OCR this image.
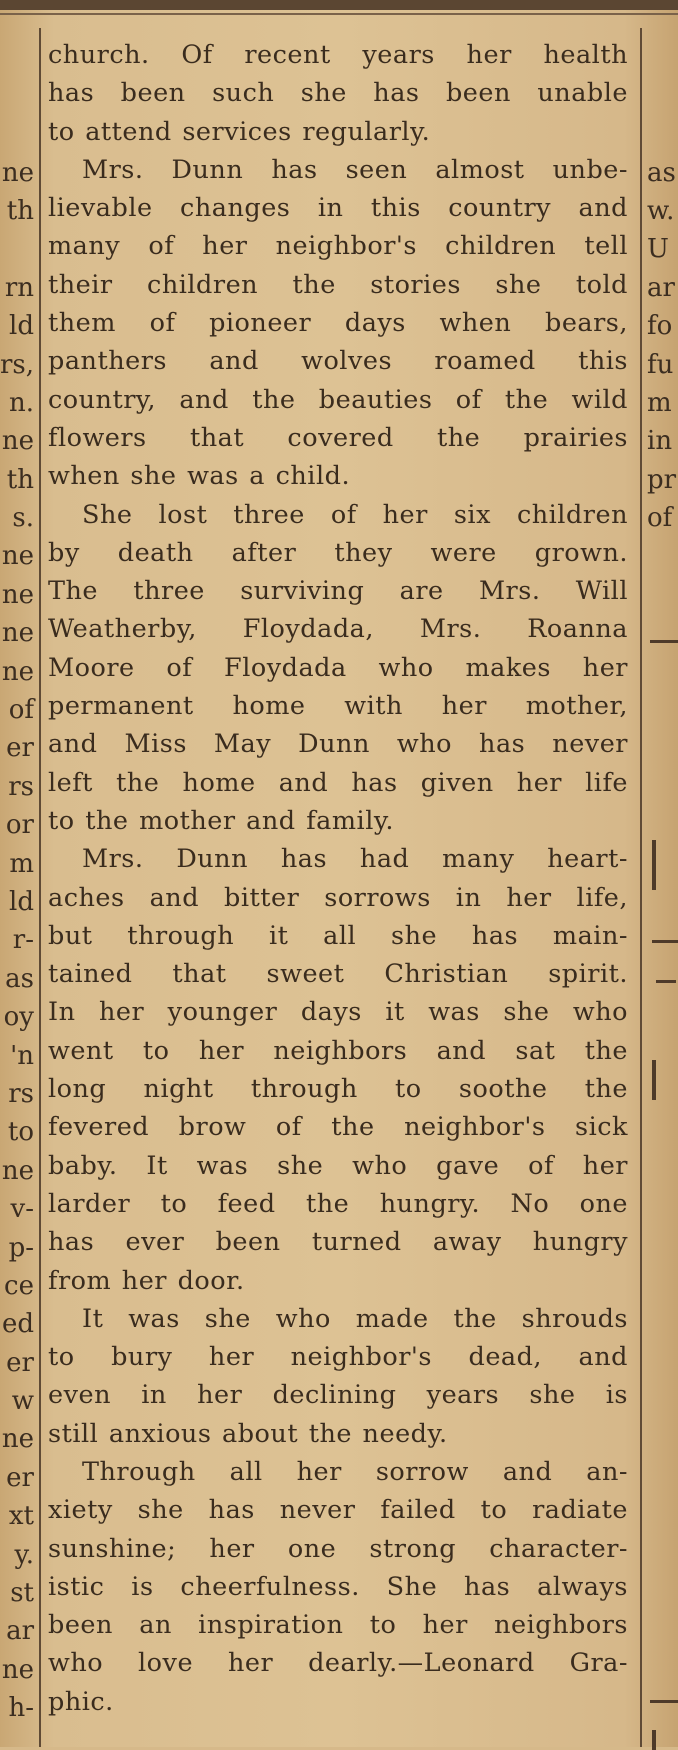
ne
th
rn
ld
rs,
n.
ne
th
s.
ne
ne
ne
ne
of
er
rs
or
m
ld
r-
as
oy
'n
rs
to
ne
v-
p-
ce
ed
er
w
ne
er
xt
y.
st
ar
ne
h-
as
w.
U
ar
fo
fu
m
in
pr
of
church. Of recent years her health
has been such she has been unable
to attend services regularly.
Mrs. Dunn has seen almost unbe-
lievable changes in this country and
many of her neighbor's children tell
their children the stories she told
them of pioneer days when bears,
panthers and wolves roamed this
country, and the beauties of the wild
flowers that covered the prairies
when she was a child.
She lost three of her six children
by death after they were grown.
The three surviving are Mrs. Will
Weatherby, Floydada, Mrs. Roanna
Moore of Floydada who makes her
permanent home with her mother,
and Miss May Dunn who has never
left the home and has given her life
to the mother and family.
Mrs. Dunn has had many heart-
aches and bitter sorrows in her life,
but through it all she has main-
tained that sweet Christian spirit.
In her younger days it was she who
went to her neighbors and sat the
long night through to soothe the
fevered brow of the neighbor's sick
baby. It was she who gave of her
larder to feed the hungry. No one
has ever been turned away hungry
from her door.
It was she who made the shrouds
to bury her neighbor's dead, and
even in her declining years she is
still anxious about the needy.
Through all her sorrow and an-
xiety she has never failed to radiate
sunshine; her one strong character-
istic is cheerfulness. She has always
been an inspiration to her neighbors
who love her dearly.—Leonard Gra-
phic.
